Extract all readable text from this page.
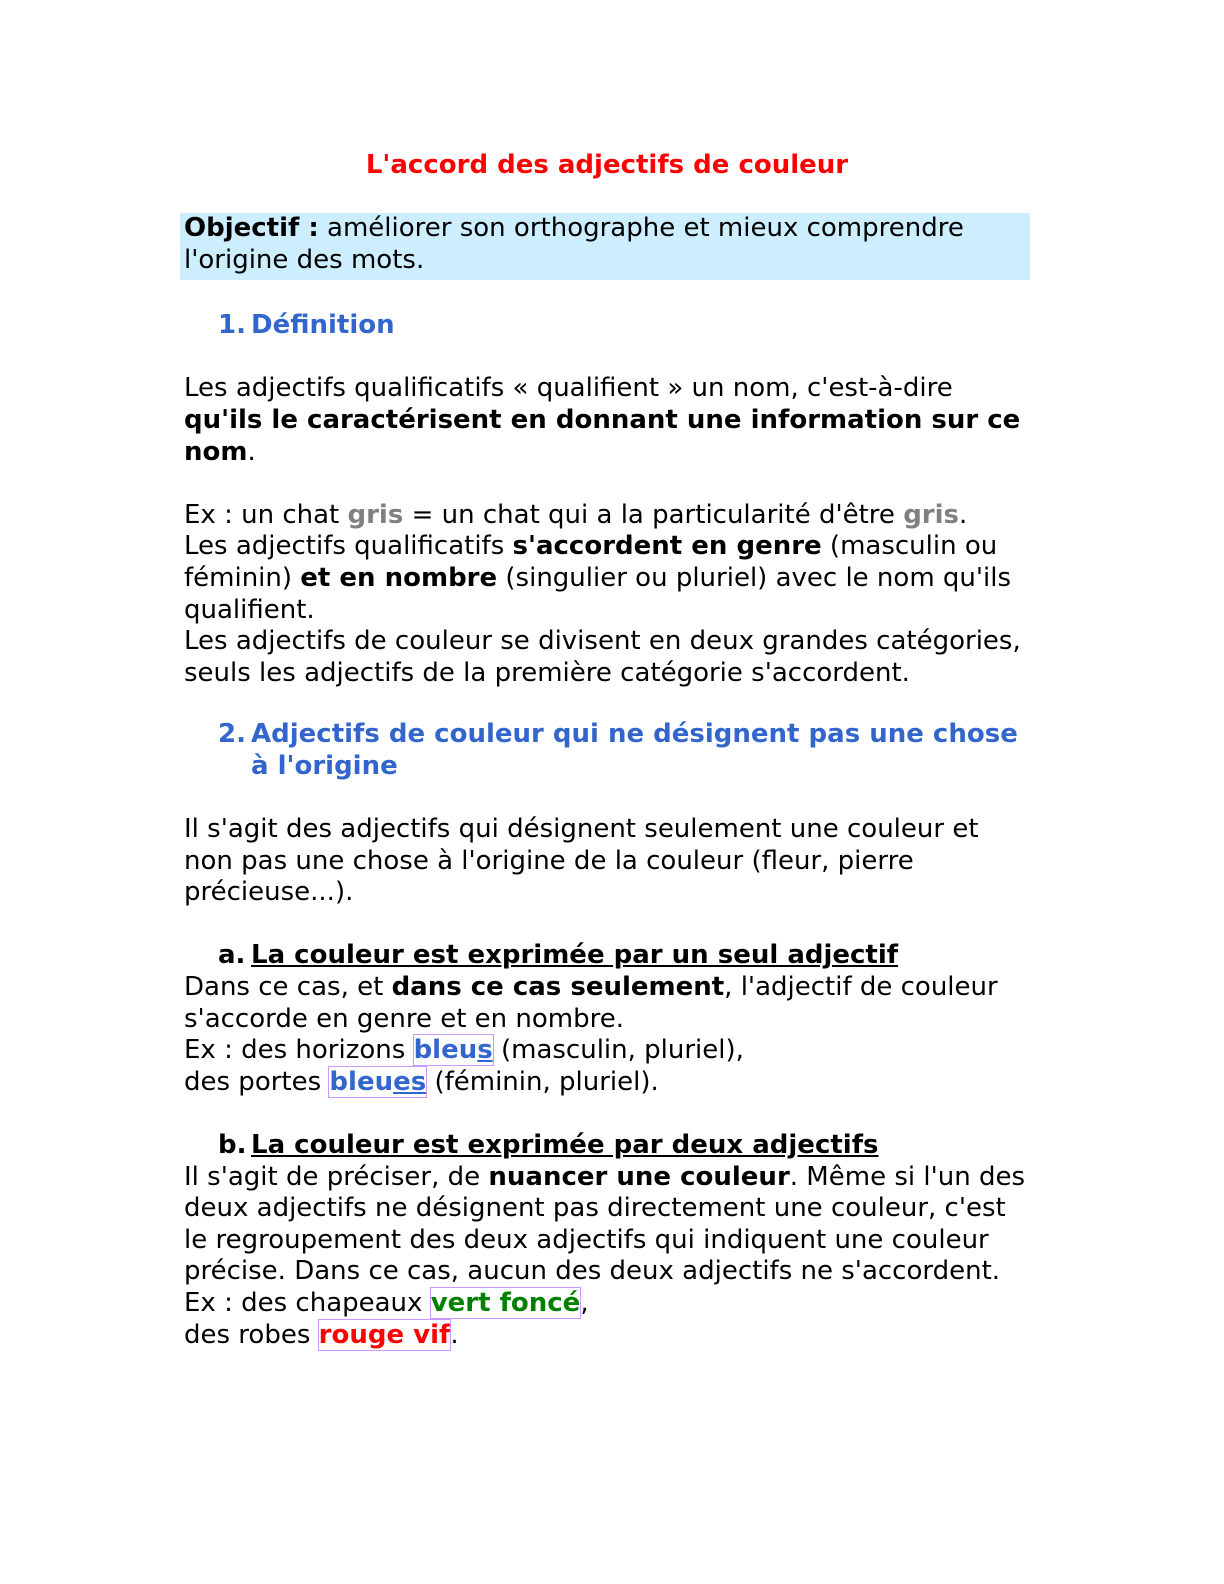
L'accord des adjectifs de couleur
Objectif : améliorer son orthographe et mieux comprendre l'origine des mots.
1. Définition

Les adjectifs qualificatifs « qualifient » un nom, c'est-à-dire qu'ils le caractérisent en donnant une information sur ce nom.

Ex : un chat gris = un chat qui a la particularité d'être gris.

Les adjectifs qualificatifs s'accordent en genre (masculin ou féminin) et en nombre (singulier ou pluriel) avec le nom qu'ils qualifient.

Les adjectifs de couleur se divisent en deux grandes catégories, seuls les adjectifs de la première catégorie s'accordent.

2. Adjectifs de couleur qui ne désignent pas une chose à l'origine

Il s'agit des adjectifs qui désignent seulement une couleur et non pas une chose à l'origine de la couleur (fleur, pierre précieuse...).

a. La couleur est exprimée par un seul adjectif

Dans ce cas, et dans ce cas seulement, l'adjectif de couleur s'accorde en genre et en nombre.

Ex : des horizons bleus (masculin, pluriel),

des portes bleues (féminin, pluriel).

b. La couleur est exprimée par deux adjectifs

Il s'agit de préciser, de nuancer une couleur. Même si l'un des deux adjectifs ne désignent pas directement une couleur, c'est le regroupement des deux adjectifs qui indiquent une couleur précise. Dans ce cas, aucun des deux adjectifs ne s'accordent.

Ex : des chapeaux vert foncé,

des robes rouge vif.
